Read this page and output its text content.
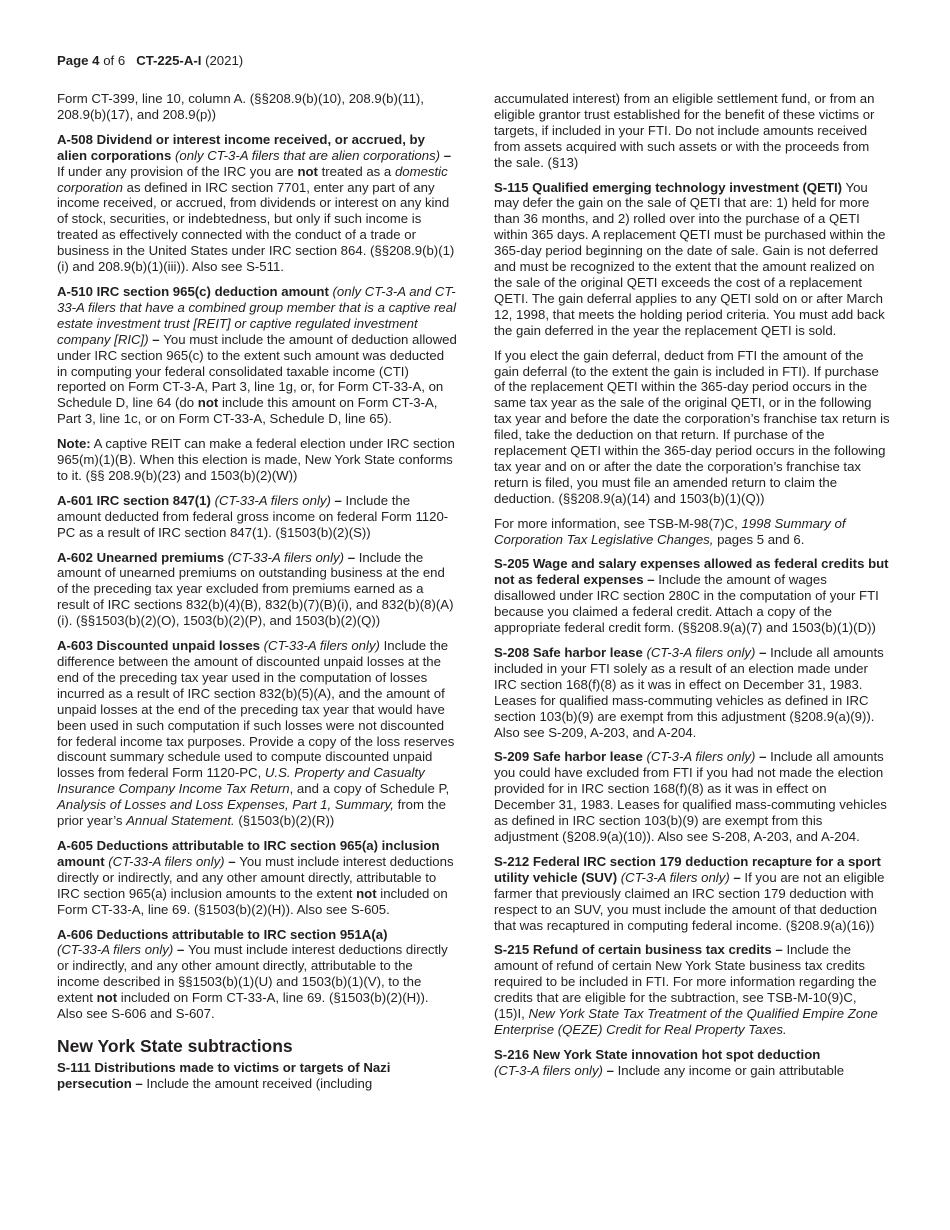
Page 4 of 6   CT-225-A-I (2021)

Form CT-399, line 10, column A. (§§208.9(b)(10), 208.9(b)(11), 208.9(b)(17), and 208.9(p))

A-508 Dividend or interest income received, or accrued, by alien corporations (only CT-3-A filers that are alien corporations) – If under any provision of the IRC you are not treated as a domestic corporation as defined in IRC section 7701, enter any part of any income received, or accrued, from dividends or interest on any kind of stock, securities, or indebtedness, but only if such income is treated as effectively connected with the conduct of a trade or business in the United States under IRC section 864. (§§208.9(b)(1)(i) and 208.9(b)(1)(iii)). Also see S-511.

A-510 IRC section 965(c) deduction amount (only CT-3-A and CT-33-A filers that have a combined group member that is a captive real estate investment trust [REIT] or captive regulated investment company [RIC]) – You must include the amount of deduction allowed under IRC section 965(c) to the extent such amount was deducted in computing your federal consolidated taxable income (CTI) reported on Form CT-3-A, Part 3, line 1g, or, for Form CT-33-A, on Schedule D, line 64 (do not include this amount on Form CT-3-A, Part 3, line 1c, or on Form CT-33-A, Schedule D, line 65).

Note: A captive REIT can make a federal election under IRC section 965(m)(1)(B). When this election is made, New York State conforms to it. (§§ 208.9(b)(23) and 1503(b)(2)(W))

A-601 IRC section 847(1) (CT-33-A filers only) – Include the amount deducted from federal gross income on federal Form 1120-PC as a result of IRC section 847(1). (§1503(b)(2)(S))

A-602 Unearned premiums (CT-33-A filers only) – Include the amount of unearned premiums on outstanding business at the end of the preceding tax year excluded from premiums earned as a result of IRC sections 832(b)(4)(B), 832(b)(7)(B)(i), and 832(b)(8)(A)(i). (§§1503(b)(2)(O), 1503(b)(2)(P), and 1503(b)(2)(Q))

A-603 Discounted unpaid losses (CT-33-A filers only) Include the difference between the amount of discounted unpaid losses at the end of the preceding tax year used in the computation of losses incurred as a result of IRC section 832(b)(5)(A), and the amount of unpaid losses at the end of the preceding tax year that would have been used in such computation if such losses were not discounted for federal income tax purposes. Provide a copy of the loss reserves discount summary schedule used to compute discounted unpaid losses from federal Form 1120-PC, U.S. Property and Casualty Insurance Company Income Tax Return, and a copy of Schedule P, Analysis of Losses and Loss Expenses, Part 1, Summary, from the prior year’s Annual Statement. (§1503(b)(2)(R))

A-605 Deductions attributable to IRC section 965(a) inclusion amount (CT-33-A filers only) – You must include interest deductions directly or indirectly, and any other amount directly, attributable to IRC section 965(a) inclusion amounts to the extent not included on Form CT-33-A, line 69. (§1503(b)(2)(H)). Also see S-605.

A-606 Deductions attributable to IRC section 951A(a)
(CT-33-A filers only) – You must include interest deductions directly or indirectly, and any other amount directly, attributable to the income described in §§1503(b)(1)(U) and 1503(b)(1)(V), to the extent not included on Form CT-33-A, line 69. (§1503(b)(2)(H)). Also see S-606 and S-607.

New York State subtractions

S-111 Distributions made to victims or targets of Nazi persecution – Include the amount received (including

accumulated interest) from an eligible settlement fund, or from an eligible grantor trust established for the benefit of these victims or targets, if included in your FTI. Do not include amounts received from assets acquired with such assets or with the proceeds from the sale. (§13)

S-115 Qualified emerging technology investment (QETI) You may defer the gain on the sale of QETI that are: 1) held for more than 36 months, and 2) rolled over into the purchase of a QETI within 365 days. A replacement QETI must be purchased within the 365-day period beginning on the date of sale. Gain is not deferred and must be recognized to the extent that the amount realized on the sale of the original QETI exceeds the cost of a replacement QETI. The gain deferral applies to any QETI sold on or after March 12, 1998, that meets the holding period criteria. You must add back the gain deferred in the year the replacement QETI is sold.

If you elect the gain deferral, deduct from FTI the amount of the gain deferral (to the extent the gain is included in FTI). If purchase of the replacement QETI within the 365-day period occurs in the same tax year as the sale of the original QETI, or in the following tax year and before the date the corporation’s franchise tax return is filed, take the deduction on that return. If purchase of the replacement QETI within the 365-day period occurs in the following tax year and on or after the date the corporation’s franchise tax return is filed, you must file an amended return to claim the deduction. (§§208.9(a)(14) and 1503(b)(1)(Q))

For more information, see TSB-M-98(7)C, 1998 Summary of Corporation Tax Legislative Changes, pages 5 and 6.

S-205 Wage and salary expenses allowed as federal credits but not as federal expenses – Include the amount of wages disallowed under IRC section 280C in the computation of your FTI because you claimed a federal credit. Attach a copy of the appropriate federal credit form. (§§208.9(a)(7) and 1503(b)(1)(D))

S-208 Safe harbor lease (CT-3-A filers only) – Include all amounts included in your FTI solely as a result of an election made under IRC section 168(f)(8) as it was in effect on December 31, 1983. Leases for qualified mass-commuting vehicles as defined in IRC section 103(b)(9) are exempt from this adjustment (§208.9(a)(9)). Also see S-209, A-203, and A-204.

S-209 Safe harbor lease (CT-3-A filers only) – Include all amounts you could have excluded from FTI if you had not made the election provided for in IRC section 168(f)(8) as it was in effect on December 31, 1983. Leases for qualified mass-commuting vehicles as defined in IRC section 103(b)(9) are exempt from this adjustment (§208.9(a)(10)). Also see S-208, A-203, and A-204.

S-212 Federal IRC section 179 deduction recapture for a sport utility vehicle (SUV) (CT-3-A filers only) – If you are not an eligible farmer that previously claimed an IRC section 179 deduction with respect to an SUV, you must include the amount of that deduction that was recaptured in computing federal income. (§208.9(a)(16))

S-215 Refund of certain business tax credits – Include the amount of refund of certain New York State business tax credits required to be included in FTI. For more information regarding the credits that are eligible for the subtraction, see TSB-M-10(9)C, (15)I, New York State Tax Treatment of the Qualified Empire Zone Enterprise (QEZE) Credit for Real Property Taxes.

S-216 New York State innovation hot spot deduction
(CT-3-A filers only) – Include any income or gain attributable
